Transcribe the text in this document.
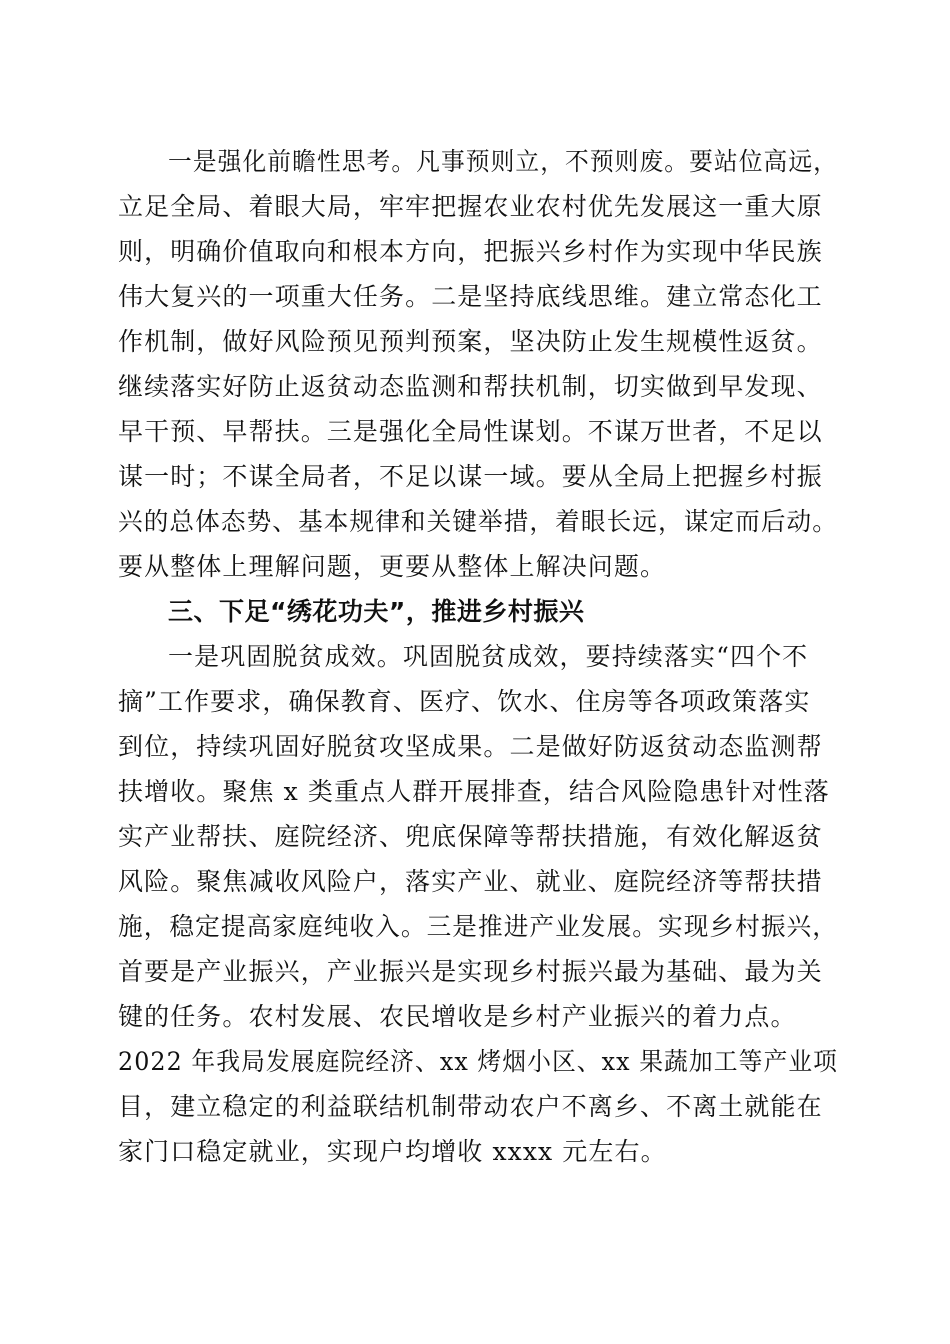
一是强化前瞻性思考。凡事预则立，不预则废。要站位高远，
立足全局、着眼大局，牢牢把握农业农村优先发展这一重大原
则，明确价值取向和根本方向，把振兴乡村作为实现中华民族
伟大复兴的一项重大任务。二是坚持底线思维。建立常态化工
作机制，做好风险预见预判预案，坚决防止发生规模性返贫。
继续落实好防止返贫动态监测和帮扶机制，切实做到早发现、
早干预、早帮扶。三是强化全局性谋划。不谋万世者，不足以
谋一时；不谋全局者，不足以谋一域。要从全局上把握乡村振
兴的总体态势、基本规律和关键举措，着眼长远，谋定而后动。
要从整体上理解问题，更要从整体上解决问题。
三、下足“绣花功夫”，推进乡村振兴
一是巩固脱贫成效。巩固脱贫成效，要持续落实“四个不
摘”工作要求，确保教育、医疗、饮水、住房等各项政策落实
到位，持续巩固好脱贫攻坚成果。二是做好防返贫动态监测帮
扶增收。聚焦 x 类重点人群开展排查，结合风险隐患针对性落
实产业帮扶、庭院经济、兜底保障等帮扶措施，有效化解返贫
风险。聚焦减收风险户，落实产业、就业、庭院经济等帮扶措
施，稳定提高家庭纯收入。三是推进产业发展。实现乡村振兴，
首要是产业振兴，产业振兴是实现乡村振兴最为基础、最为关
键的任务。农村发展、农民增收是乡村产业振兴的着力点。
2022 年我局发展庭院经济、xx 烤烟小区、xx 果蔬加工等产业项
目，建立稳定的利益联结机制带动农户不离乡、不离土就能在
家门口稳定就业，实现户均增收 xxxx 元左右。
